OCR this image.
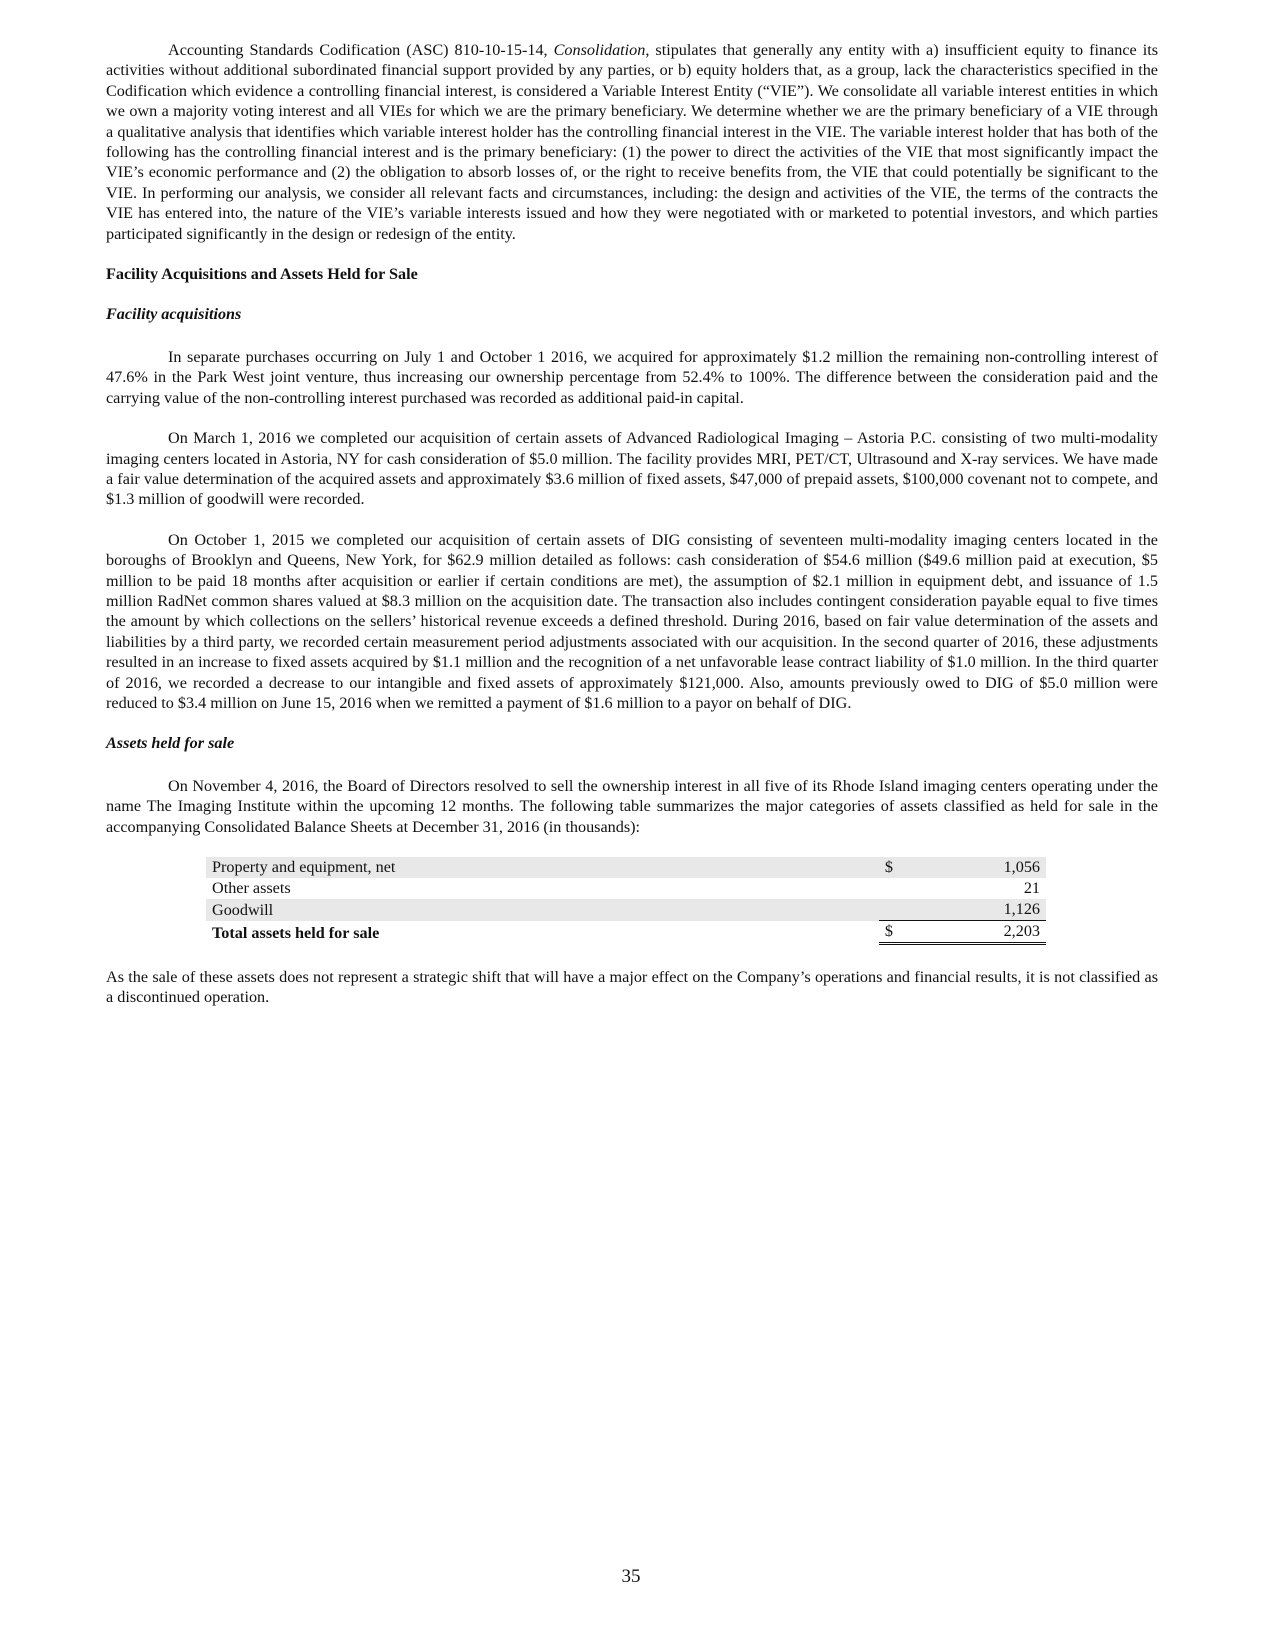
Accounting Standards Codification (ASC) 810-10-15-14, Consolidation, stipulates that generally any entity with a) insufficient equity to finance its activities without additional subordinated financial support provided by any parties, or b) equity holders that, as a group, lack the characteristics specified in the Codification which evidence a controlling financial interest, is considered a Variable Interest Entity (“VIE”). We consolidate all variable interest entities in which we own a majority voting interest and all VIEs for which we are the primary beneficiary. We determine whether we are the primary beneficiary of a VIE through a qualitative analysis that identifies which variable interest holder has the controlling financial interest in the VIE. The variable interest holder that has both of the following has the controlling financial interest and is the primary beneficiary: (1) the power to direct the activities of the VIE that most significantly impact the VIE’s economic performance and (2) the obligation to absorb losses of, or the right to receive benefits from, the VIE that could potentially be significant to the VIE. In performing our analysis, we consider all relevant facts and circumstances, including: the design and activities of the VIE, the terms of the contracts the VIE has entered into, the nature of the VIE’s variable interests issued and how they were negotiated with or marketed to potential investors, and which parties participated significantly in the design or redesign of the entity.

Facility Acquisitions and Assets Held for Sale
Facility acquisitions

In separate purchases occurring on July 1 and October 1 2016, we acquired for approximately $1.2 million the remaining non-controlling interest of 47.6% in the Park West joint venture, thus increasing our ownership percentage from 52.4% to 100%. The difference between the consideration paid and the carrying value of the non-controlling interest purchased was recorded as additional paid-in capital.

On March 1, 2016 we completed our acquisition of certain assets of Advanced Radiological Imaging – Astoria P.C. consisting of two multi-modality imaging centers located in Astoria, NY for cash consideration of $5.0 million. The facility provides MRI, PET/CT, Ultrasound and X-ray services. We have made a fair value determination of the acquired assets and approximately $3.6 million of fixed assets, $47,000 of prepaid assets, $100,000 covenant not to compete, and $1.3 million of goodwill were recorded.

On October 1, 2015 we completed our acquisition of certain assets of DIG consisting of seventeen multi-modality imaging centers located in the boroughs of Brooklyn and Queens, New York, for $62.9 million detailed as follows: cash consideration of $54.6 million ($49.6 million paid at execution, $5 million to be paid 18 months after acquisition or earlier if certain conditions are met), the assumption of $2.1 million in equipment debt, and issuance of 1.5 million RadNet common shares valued at $8.3 million on the acquisition date. The transaction also includes contingent consideration payable equal to five times the amount by which collections on the sellers’ historical revenue exceeds a defined threshold. During 2016, based on fair value determination of the assets and liabilities by a third party, we recorded certain measurement period adjustments associated with our acquisition. In the second quarter of 2016, these adjustments resulted in an increase to fixed assets acquired by $1.1 million and the recognition of a net unfavorable lease contract liability of $1.0 million. In the third quarter of 2016, we recorded a decrease to our intangible and fixed assets of approximately $121,000. Also, amounts previously owed to DIG of $5.0 million were reduced to $3.4 million on June 15, 2016 when we remitted a payment of $1.6 million to a payor on behalf of DIG.

Assets held for sale

On November 4, 2016, the Board of Directors resolved to sell the ownership interest in all five of its Rhode Island imaging centers operating under the name The Imaging Institute within the upcoming 12 months. The following table summarizes the major categories of assets classified as held for sale in the accompanying Consolidated Balance Sheets at December 31, 2016 (in thousands):

Property and equipment, net	$	1,056
Other assets		21
Goodwill		1,126
Total assets held for sale	$	2,203

As the sale of these assets does not represent a strategic shift that will have a major effect on the Company’s operations and financial results, it is not classified as a discontinued operation.

35
